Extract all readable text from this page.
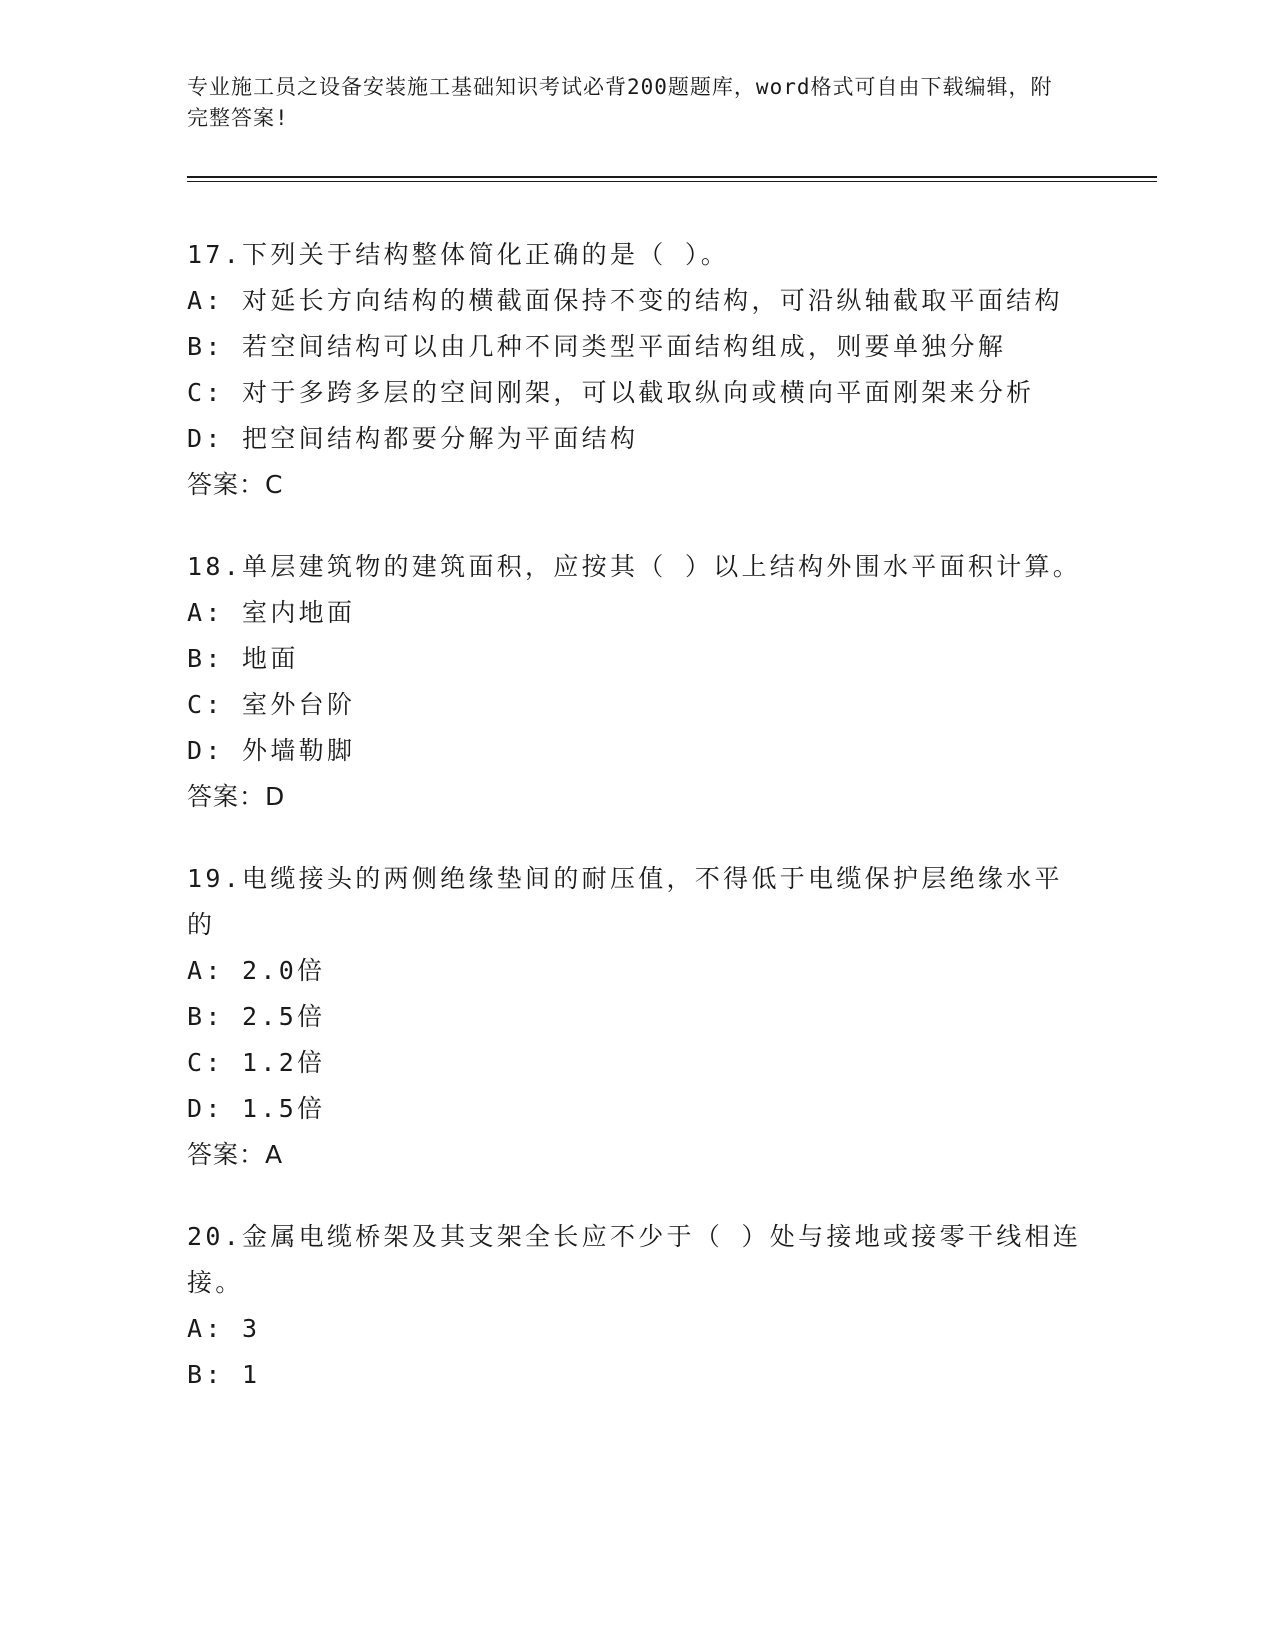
专业施工员之设备安装施工基础知识考试必背200题题库，word格式可自由下载编辑，附完整答案!

17.下列关于结构整体简化正确的是（ ）。

A: 对延长方向结构的横截面保持不变的结构，可沿纵轴截取平面结构

B: 若空间结构可以由几种不同类型平面结构组成，则要单独分解

C: 对于多跨多层的空间刚架，可以截取纵向或横向平面刚架来分析

D: 把空间结构都要分解为平面结构

答案：C

18.单层建筑物的建筑面积，应按其（ ）以上结构外围水平面积计算。

A: 室内地面

B: 地面

C: 室外台阶

D: 外墙勒脚

答案：D

19.电缆接头的两侧绝缘垫间的耐压值，不得低于电缆保护层绝缘水平的

A: 2.0倍

B: 2.5倍

C: 1.2倍

D: 1.5倍

答案：A

20.金属电缆桥架及其支架全长应不少于（ ）处与接地或接零干线相连接。

A: 3

B: 1
